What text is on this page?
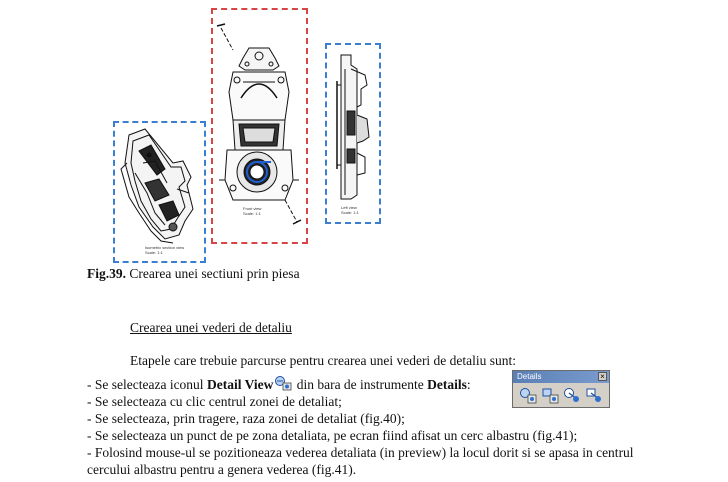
Isometric section view
Scale: 1:1
Front view
Scale: 1:1
Left view
Scale: 1:1
Fig.39. Crearea unei sectiuni prin piesa
Crearea unei vederi de detaliu
Etapele care trebuie parcurse pentru crearea unei vederi de detaliu sunt:
- Se selecteaza iconul Detail View din bara de instrumente Details:
- Se selecteaza cu clic centrul zonei de detaliat;
- Se selecteaza, prin tragere, raza zonei de detaliat (fig.40);
- Se selecteaza un punct de pe zona detaliata, pe ecran fiind afisat un cerc albastru (fig.41);
- Folosind mouse-ul se pozitioneaza vederea detaliata (in preview) la locul dorit si se apasa in centrul
cercului albastru pentru a genera vederea (fig.41).
Details	×
